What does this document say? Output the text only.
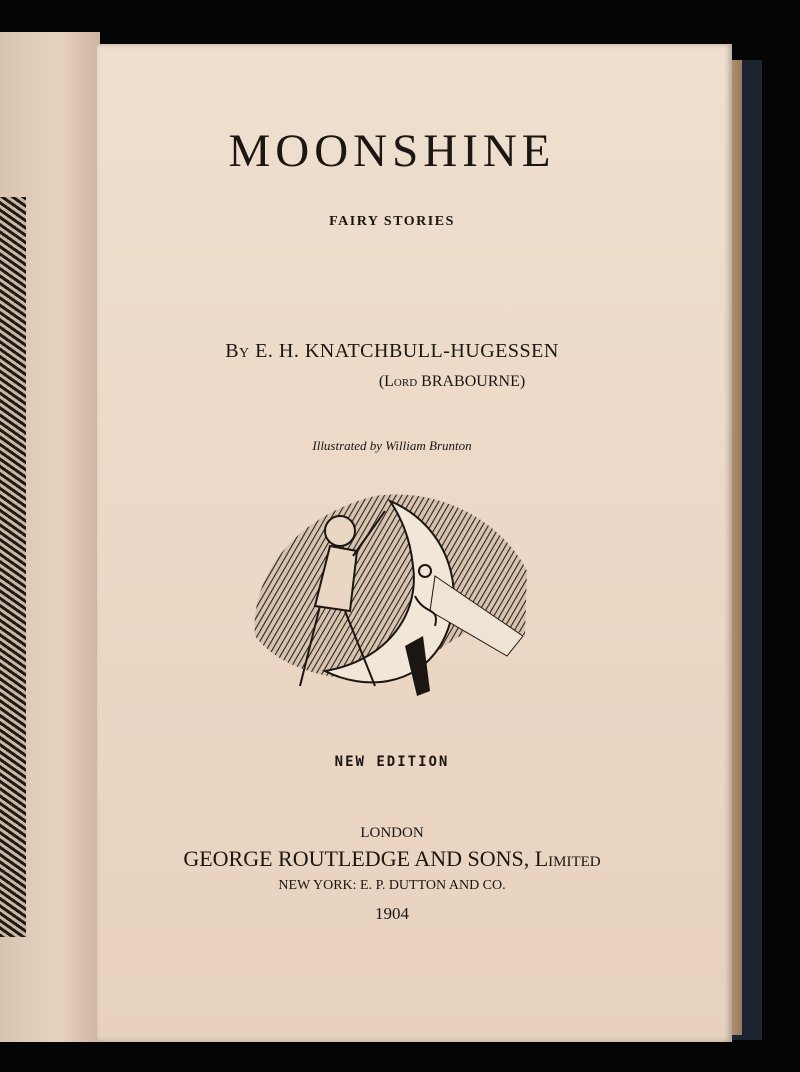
MOONSHINE
FAIRY STORIES
By E. H. KNATCHBULL-HUGESSEN
(Lord BRABOURNE)
Illustrated by William Brunton
NEW EDITION
LONDON
GEORGE ROUTLEDGE AND SONS, Limited
NEW YORK: E. P. DUTTON AND CO.
1904
